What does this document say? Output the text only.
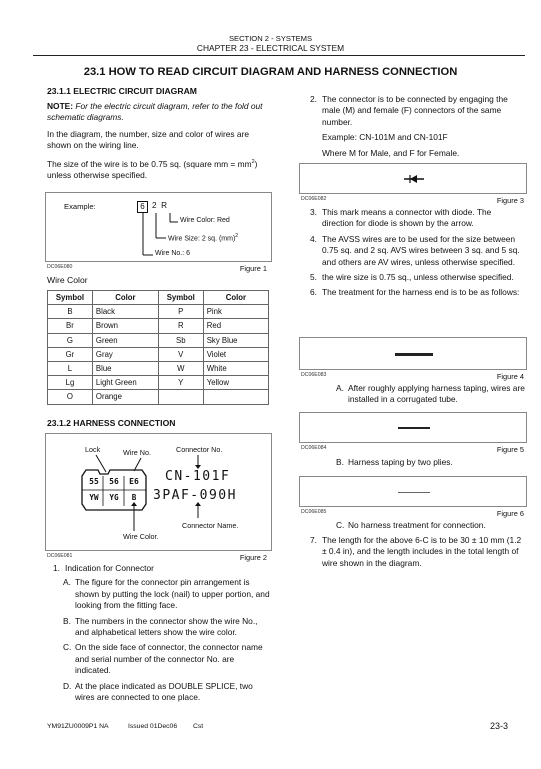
SECTION 2 - SYSTEMS
CHAPTER 23 - ELECTRICAL SYSTEM
23.1 HOW TO READ CIRCUIT DIAGRAM AND HARNESS CONNECTION
23.1.1 ELECTRIC CIRCUIT DIAGRAM
NOTE: For the electric circuit diagram, refer to the fold out schematic diagrams.
In the diagram, the number, size and color of wires are shown on the wiring line.
The size of the wire is to be 0.75 sq. (square mm = $mm^2$) unless otherwise specified.
Example:	6 2  R
Wire Color: Red
Wire Size: 2 sq. (mm)$^2$
Wire No.: 6
DC06E080	Figure 1
Wire Color
Symbol	Color	Symbol	Color
B	Black	P	Pink
Br	Brown	R	Red
G	Green	Sb	Sky Blue
Gr	Gray	V	Violet
L	Blue	W	White
Lg	Light Green	Y	Yellow
O	Orange		
23.1.2 HARNESS CONNECTION
Lock	Wire No.	Connector No.
55	56	E6
YW	YG	B
CN-101F
3PAF-090H
Connector Name.
Wire Color.
DC06E081	Figure 2
1. Indication for Connector
A. The figure for the connector pin arrangement is shown by putting the lock (nail) to upper portion, and looking from the fitting face.
B. The numbers in the connector show the wire No., and alphabetical letters show the wire color.
C. On the side face of connector, the connector name and serial number of the connector No. are indicated.
D. At the place indicated as DOUBLE SPLICE, two wires are connected to one place.
2. The connector is to be connected by engaging the male (M) and female (F) connectors of the same number.
Example: CN-101M and CN-101F
Where M for Male, and F for Female.
DC06E082	Figure 3
3. This mark means a connector with diode. The direction for diode is shown by the arrow.
4. The AVSS wires are to be used for the size between 0.75 sq. and 2 sq. AVS wires between 3 sq. and 5 sq. and others are AV wires, unless otherwise specified.
5. the wire size is 0.75 sq., unless otherwise specified.
6. The treatment for the harness end is to be as follows:
DC06E083	Figure 4
A. After roughly applying harness taping, wires are installed in a corrugated tube.
DC06E084	Figure 5
B. Harness taping by two plies.
DC06E085	Figure 6
C. No harness treatment for connection.
7. The length for the above 6-C is to be 30 ± 10 mm (1.2 ± 0.4 in), and the length includes in the total length of wire shown in the diagram.
YM91ZU0009P1 NA	Issued 01Dec06 Cst	23-3
